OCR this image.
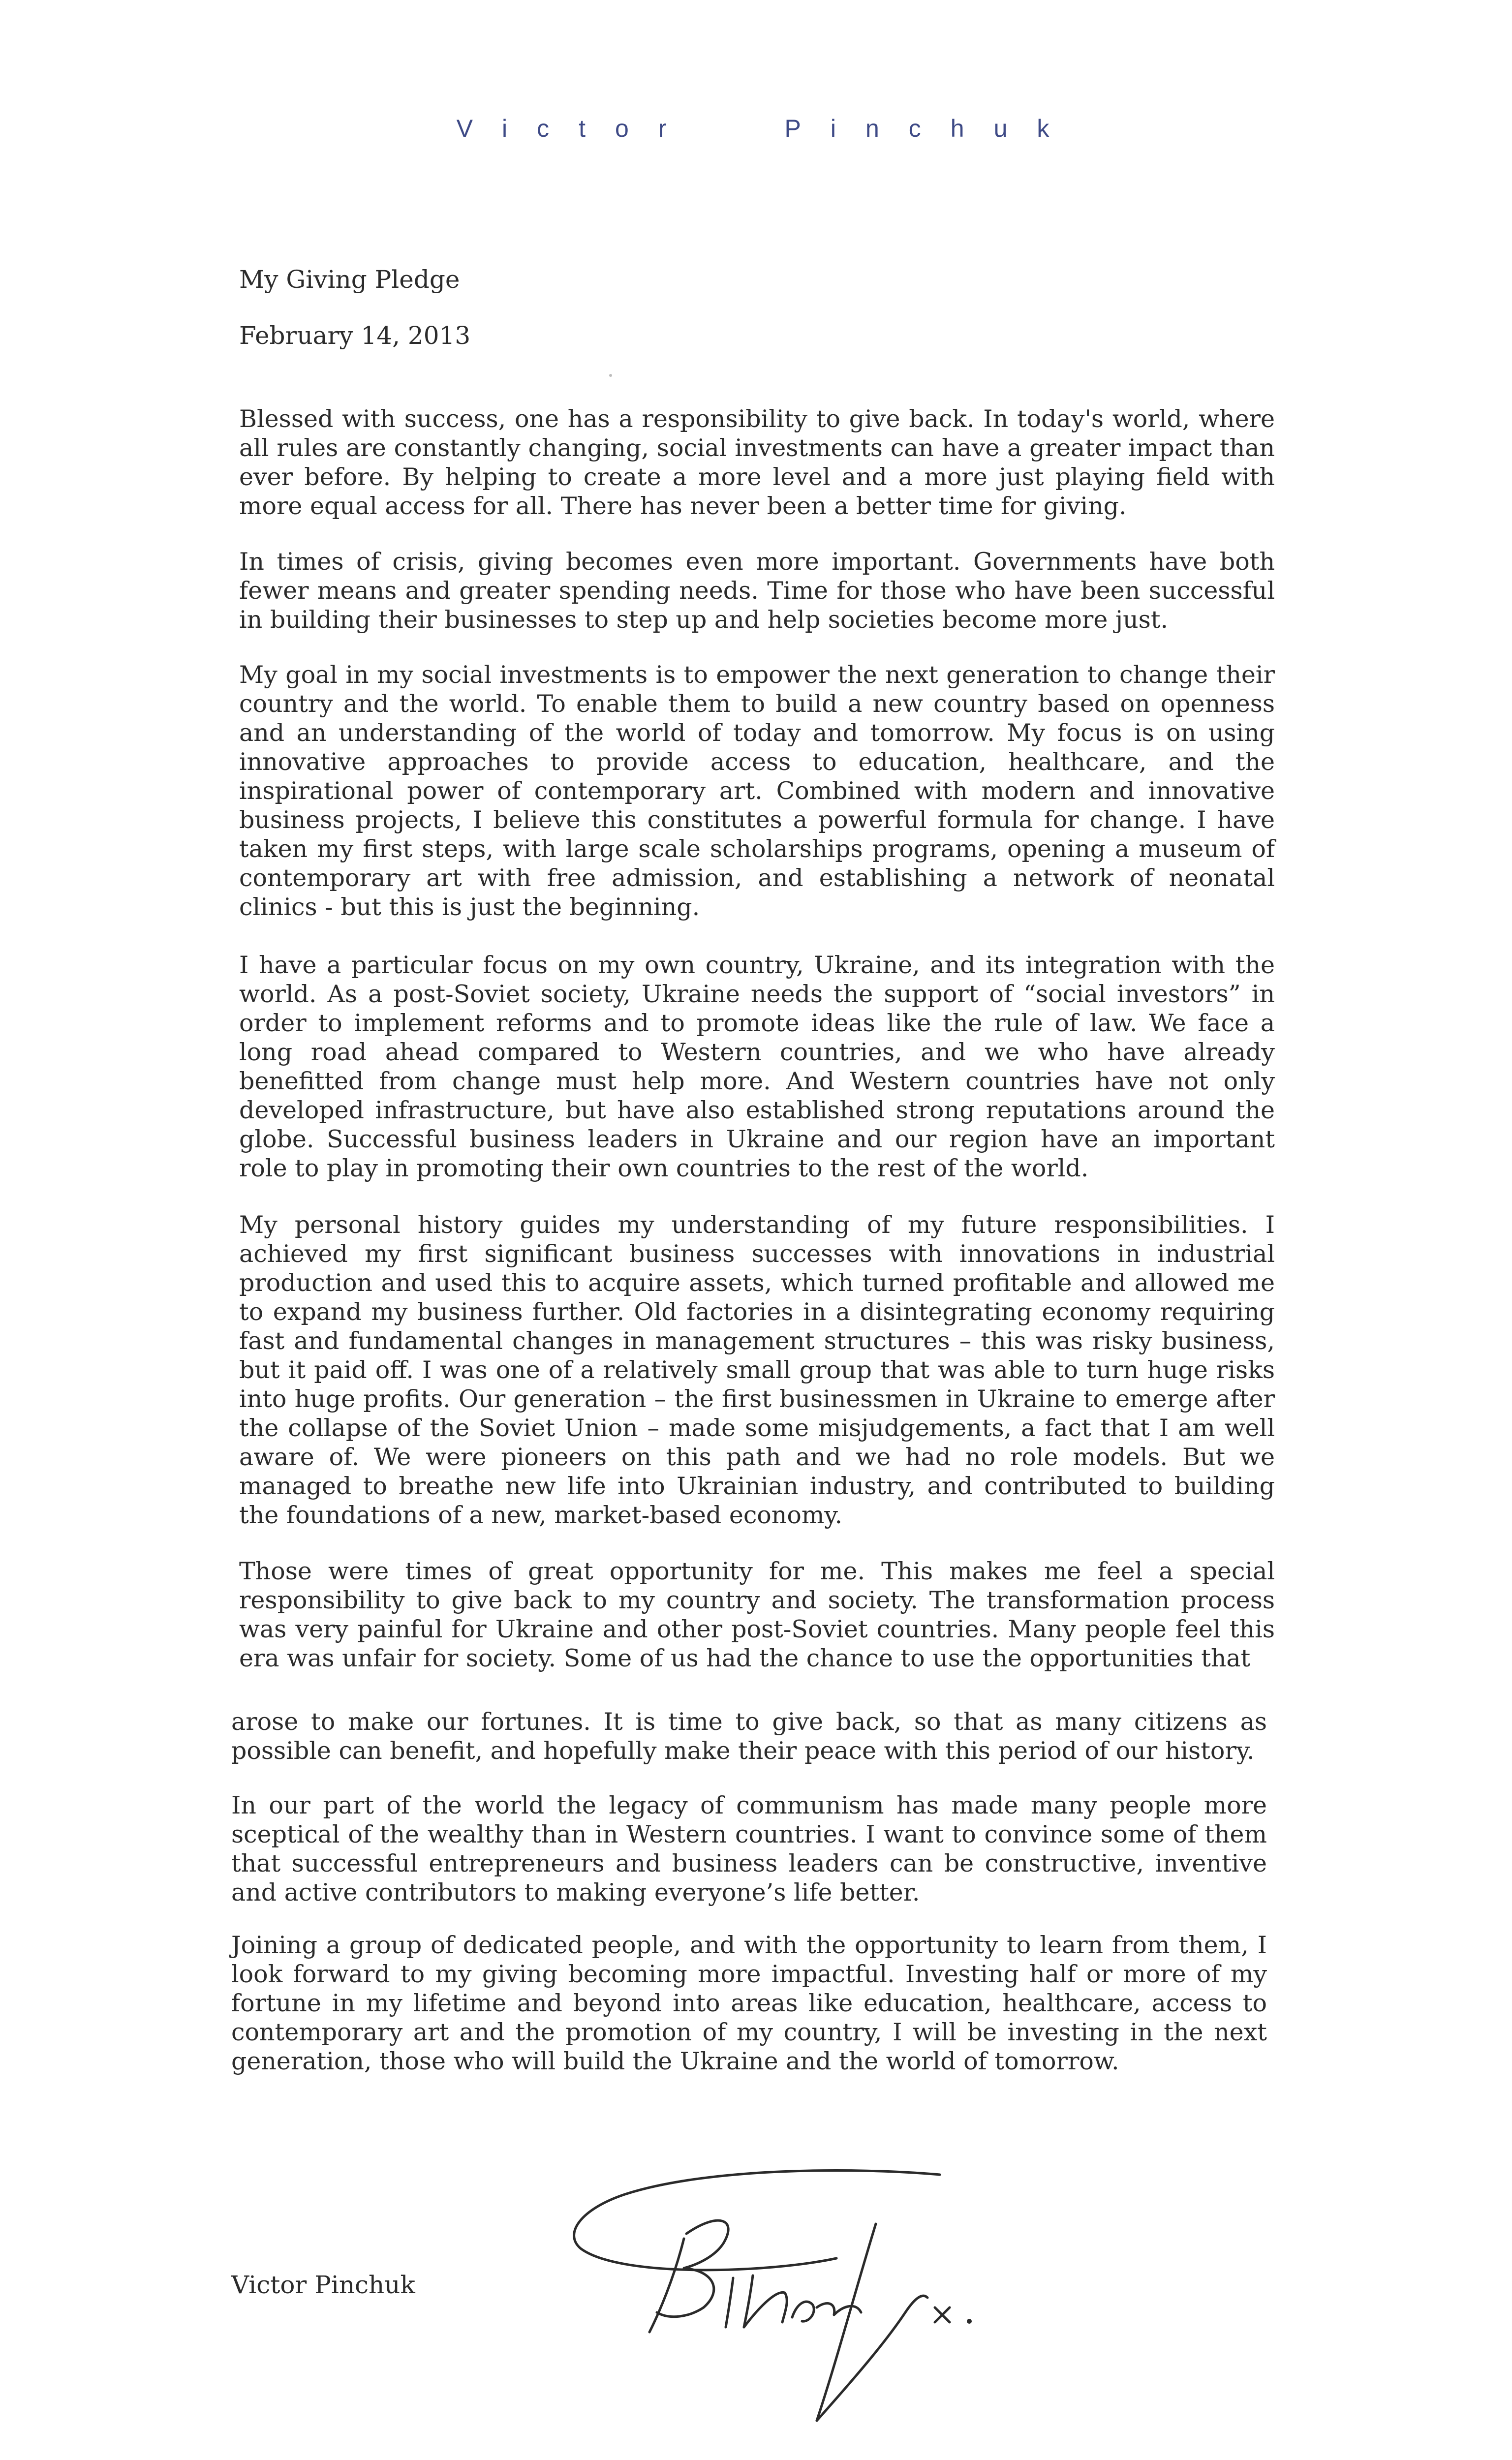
Victor	Pinchuk
My Giving Pledge
February 14, 2013
Blessed with success, one has a responsibility to give back. In today's world, where all rules are constantly changing, social investments can have a greater impact than ever before. By helping to create a more level and a more just playing field with more equal access for all. There has never been a better time for giving.
In times of crisis, giving becomes even more important. Governments have both fewer means and greater spending needs. Time for those who have been successful in building their businesses to step up and help societies become more just.
My goal in my social investments is to empower the next generation to change their country and the world. To enable them to build a new country based on openness and an understanding of the world of today and tomorrow. My focus is on using innovative approaches to provide access to education, healthcare, and the inspirational power of contemporary art. Combined with modern and innovative business projects, I believe this constitutes a powerful formula for change. I have taken my first steps, with large scale scholarships programs, opening a museum of contemporary art with free admission, and establishing a network of neonatal clinics - but this is just the beginning.
I have a particular focus on my own country, Ukraine, and its integration with the world. As a post-Soviet society, Ukraine needs the support of “social investors” in order to implement reforms and to promote ideas like the rule of law. We face a long road ahead compared to Western countries, and we who have already benefitted from change must help more. And Western countries have not only developed infrastructure, but have also established strong reputations around the globe. Successful business leaders in Ukraine and our region have an important role to play in promoting their own countries to the rest of the world.
My personal history guides my understanding of my future responsibilities. I achieved my first significant business successes with innovations in industrial production and used this to acquire assets, which turned profitable and allowed me to expand my business further. Old factories in a disintegrating economy requiring fast and fundamental changes in management structures – this was risky business, but it paid off. I was one of a relatively small group that was able to turn huge risks into huge profits. Our generation – the first businessmen in Ukraine to emerge after the collapse of the Soviet Union – made some misjudgements, a fact that I am well aware of. We were pioneers on this path and we had no role models. But we managed to breathe new life into Ukrainian industry, and contributed to building the foundations of a new, market-based economy.
Those were times of great opportunity for me. This makes me feel a special responsibility to give back to my country and society. The transformation process was very painful for Ukraine and other post-Soviet countries. Many people feel this era was unfair for society. Some of us had the chance to use the opportunities that
arose to make our fortunes. It is time to give back, so that as many citizens as possible can benefit, and hopefully make their peace with this period of our history.
In our part of the world the legacy of communism has made many people more sceptical of the wealthy than in Western countries. I want to convince some of them that successful entrepreneurs and business leaders can be constructive, inventive and active contributors to making everyone’s life better.
Joining a group of dedicated people, and with the opportunity to learn from them, I look forward to my giving becoming more impactful. Investing half or more of my fortune in my lifetime and beyond into areas like education, healthcare, access to contemporary art and the promotion of my country, I will be investing in the next generation, those who will build the Ukraine and the world of tomorrow.
Victor Pinchuk
